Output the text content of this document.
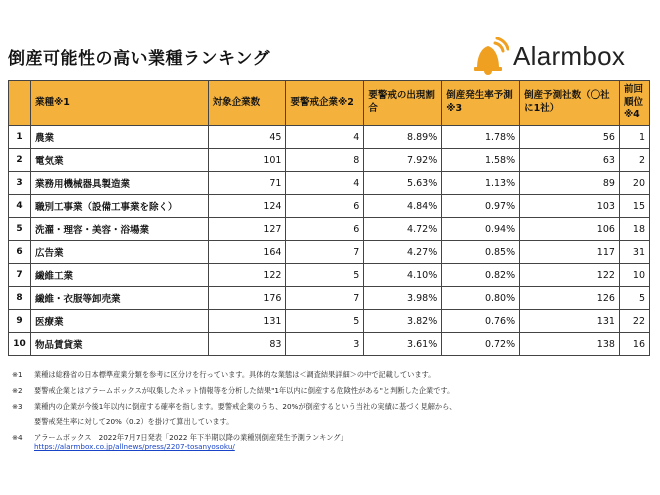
倒産可能性の高い業種ランキング	Alarmbox
	業種※1	対象企業数	要警戒企業※2	要警戒の出現割合	倒産発生率予測※3	倒産予測社数（〇社に1社）	前回順位※4
1	農業	45	4	8.89%	1.78%	56	1
2	電気業	101	8	7.92%	1.58%	63	2
3	業務用機械器具製造業	71	4	5.63%	1.13%	89	20
4	職別工事業（設備工事業を除く）	124	6	4.84%	0.97%	103	15
5	洗濯・理容・美容・浴場業	127	6	4.72%	0.94%	106	18
6	広告業	164	7	4.27%	0.85%	117	31
7	繊維工業	122	5	4.10%	0.82%	122	10
8	繊維・衣服等卸売業	176	7	3.98%	0.80%	126	5
9	医療業	131	5	3.82%	0.76%	131	22
10	物品賃貸業	83	3	3.61%	0.72%	138	16
※1	業種は総務省の日本標準産業分類を参考に区分けを行っています。具体的な業態は＜調査結果詳細＞の中で記載しています。
※2	要警戒企業とはアラームボックスが収集したネット情報等を分析した結果"1年以内に倒産する危険性がある"と判断した企業です。
※3	業種内の企業が今後1年以内に倒産する確率を指します。要警戒企業のうち、20%が倒産するという当社の実績に基づく見解から、
要警戒発生率に対して20%（0.2）を掛けて算出しています。
※4	アラームボックス　2022年7月7日発表「2022 年下半期以降の業種別倒産発生予測ランキング」
https://alarmbox.co.jp/allnews/press/2207-tosanyosoku/
